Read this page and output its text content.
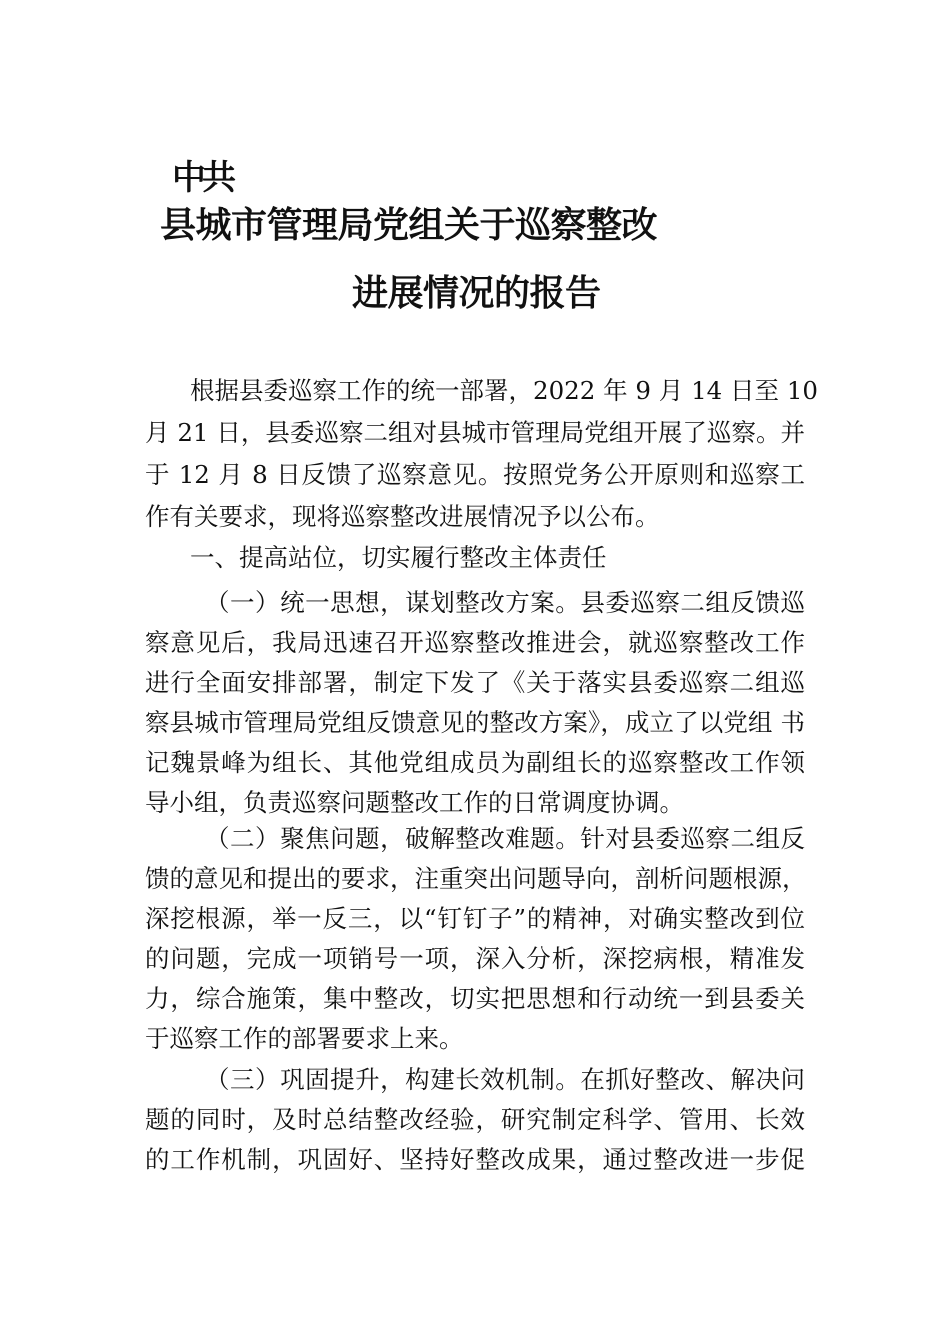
中共
县城市管理局党组关于巡察整改
进展情况的报告
根据县委巡察工作的统一部署，2022 年 9 月 14 日至 10
月 21 日，县委巡察二组对县城市管理局党组开展了巡察。并
于 12 月 8 日反馈了巡察意见。按照党务公开原则和巡察工
作有关要求，现将巡察整改进展情况予以公布。
一、提高站位，切实履行整改主体责任
（一）统一思想，谋划整改方案。县委巡察二组反馈巡
察意见后，我局迅速召开巡察整改推进会，就巡察整改工作
进行全面安排部署，制定下发了《关于落实县委巡察二组巡
察县城市管理局党组反馈意见的整改方案》，成立了以党组 书
记魏景峰为组长、其他党组成员为副组长的巡察整改工作领
导小组，负责巡察问题整改工作的日常调度协调。
（二）聚焦问题，破解整改难题。针对县委巡察二组反
馈的意见和提出的要求，注重突出问题导向，剖析问题根源，
深挖根源，举一反三，以“钉钉子”的精神，对确实整改到位
的问题，完成一项销号一项，深入分析，深挖病根，精准发
力，综合施策，集中整改，切实把思想和行动统一到县委关
于巡察工作的部署要求上来。
（三）巩固提升，构建长效机制。在抓好整改、解决问
题的同时，及时总结整改经验，研究制定科学、管用、长效
的工作机制，巩固好、坚持好整改成果，通过整改进一步促
